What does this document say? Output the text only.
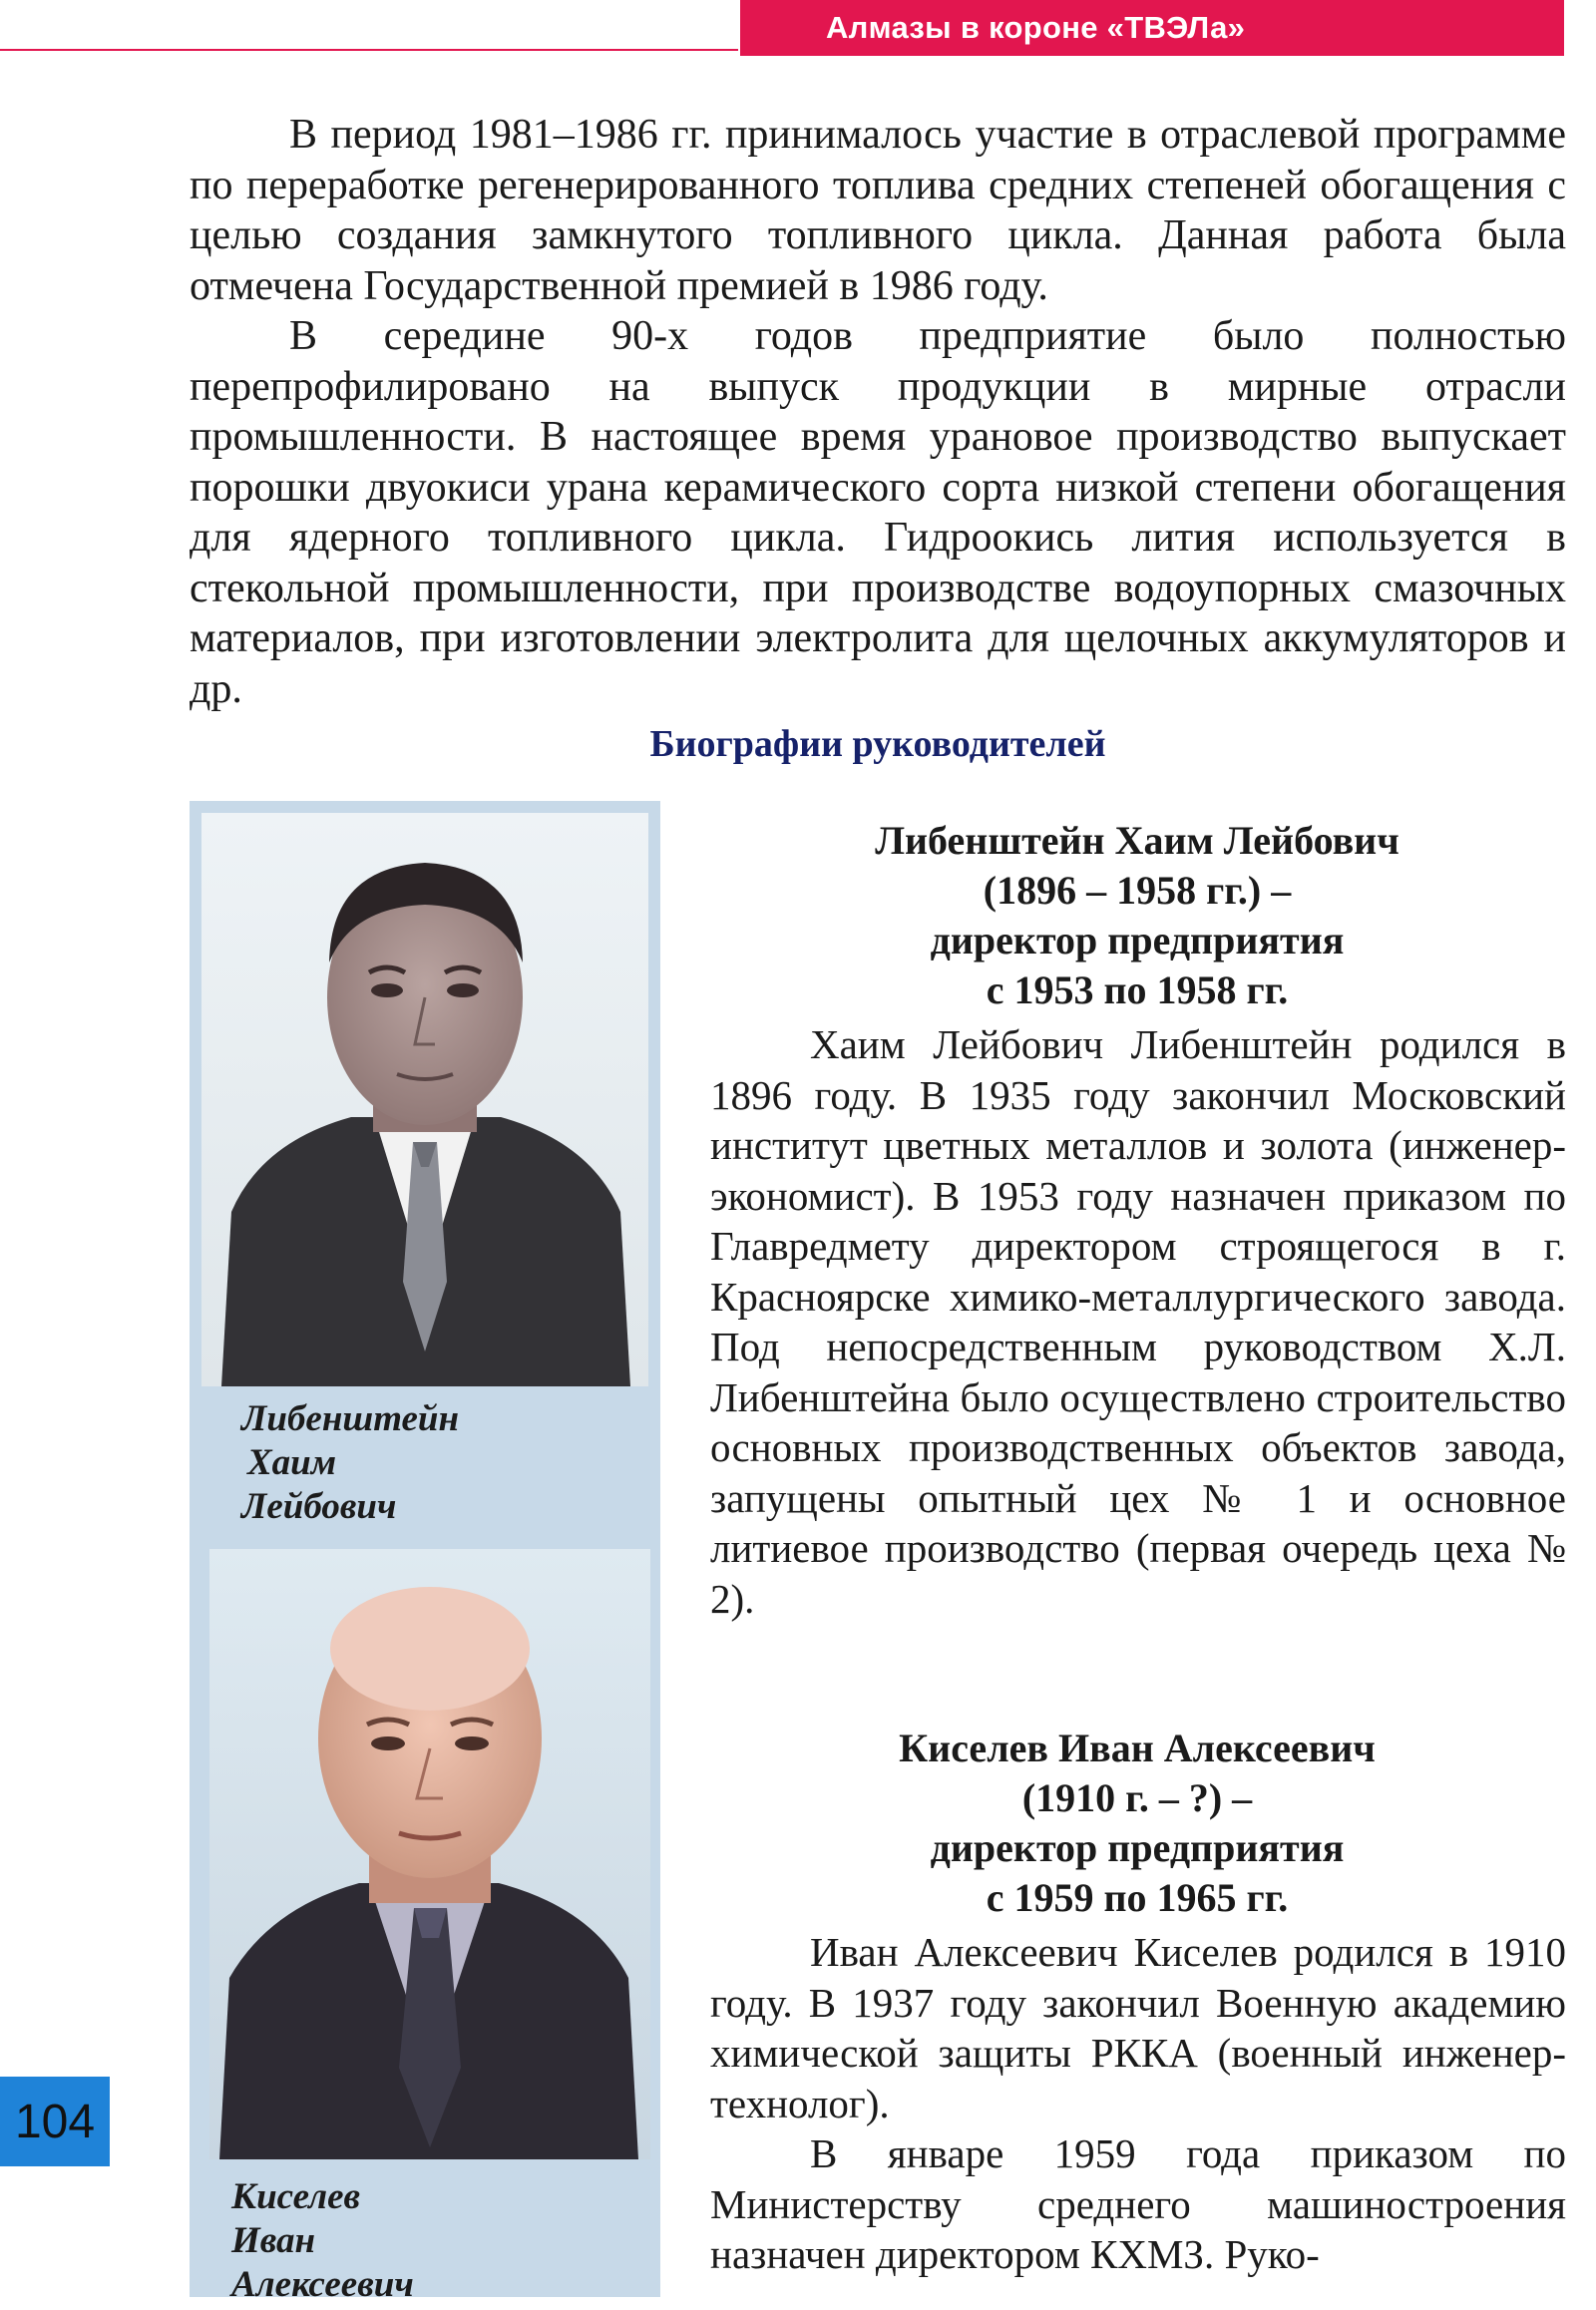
Алмазы в короне «ТВЭЛа»

В период 1981–1986 гг. принималось участие в отраслевой программе по переработке регенерированного топлива средних степеней обогащения с целью создания замкнутого топливного цикла. Данная работа была отмечена Государственной премией в 1986 году.

В середине 90-х годов предприятие было полностью перепрофилировано на выпуск продукции в мирные отрасли промышленности. В настоящее время урановое производство выпускает порошки двуокиси урана керамического сорта низкой степени обогащения для ядерного топливного цикла. Гидроокись лития используется в стекольной промышленности, при производстве водоупорных смазочных материалов, при изготовлении электролита для щелочных аккумуляторов и др.

Биографии руководителей
Либенштейн
Хаим
Лейбович
Киселев
Иван
Алексеевич
Либенштейн Хаим Лейбович
(1896 – 1958 гг.) –
директор предприятия
с 1953 по 1958 гг.

Хаим Лейбович Либенштейн родился в 1896 году. В 1935 году закончил Московский институт цветных металлов и золота (инженер-экономист). В 1953 году назначен приказом по Главредмету директором строящегося в г. Красноярске химико-металлургического завода. Под непосредственным руководством Х.Л. Либенштейна было осуществлено строительство основных производственных объектов завода, запущены опытный цех № 1 и основное литиевое производство (первая очередь цеха № 2).

Киселев Иван Алексеевич
(1910 г. – ?) –
директор предприятия
с 1959 по 1965 гг.

Иван Алексеевич Киселев родился в 1910 году. В 1937 году закончил Военную академию химической защиты РККА (военный инженер-технолог).

В январе 1959 года приказом по Министерству среднего машиностроения назначен директором КХМЗ. Руко-

104
